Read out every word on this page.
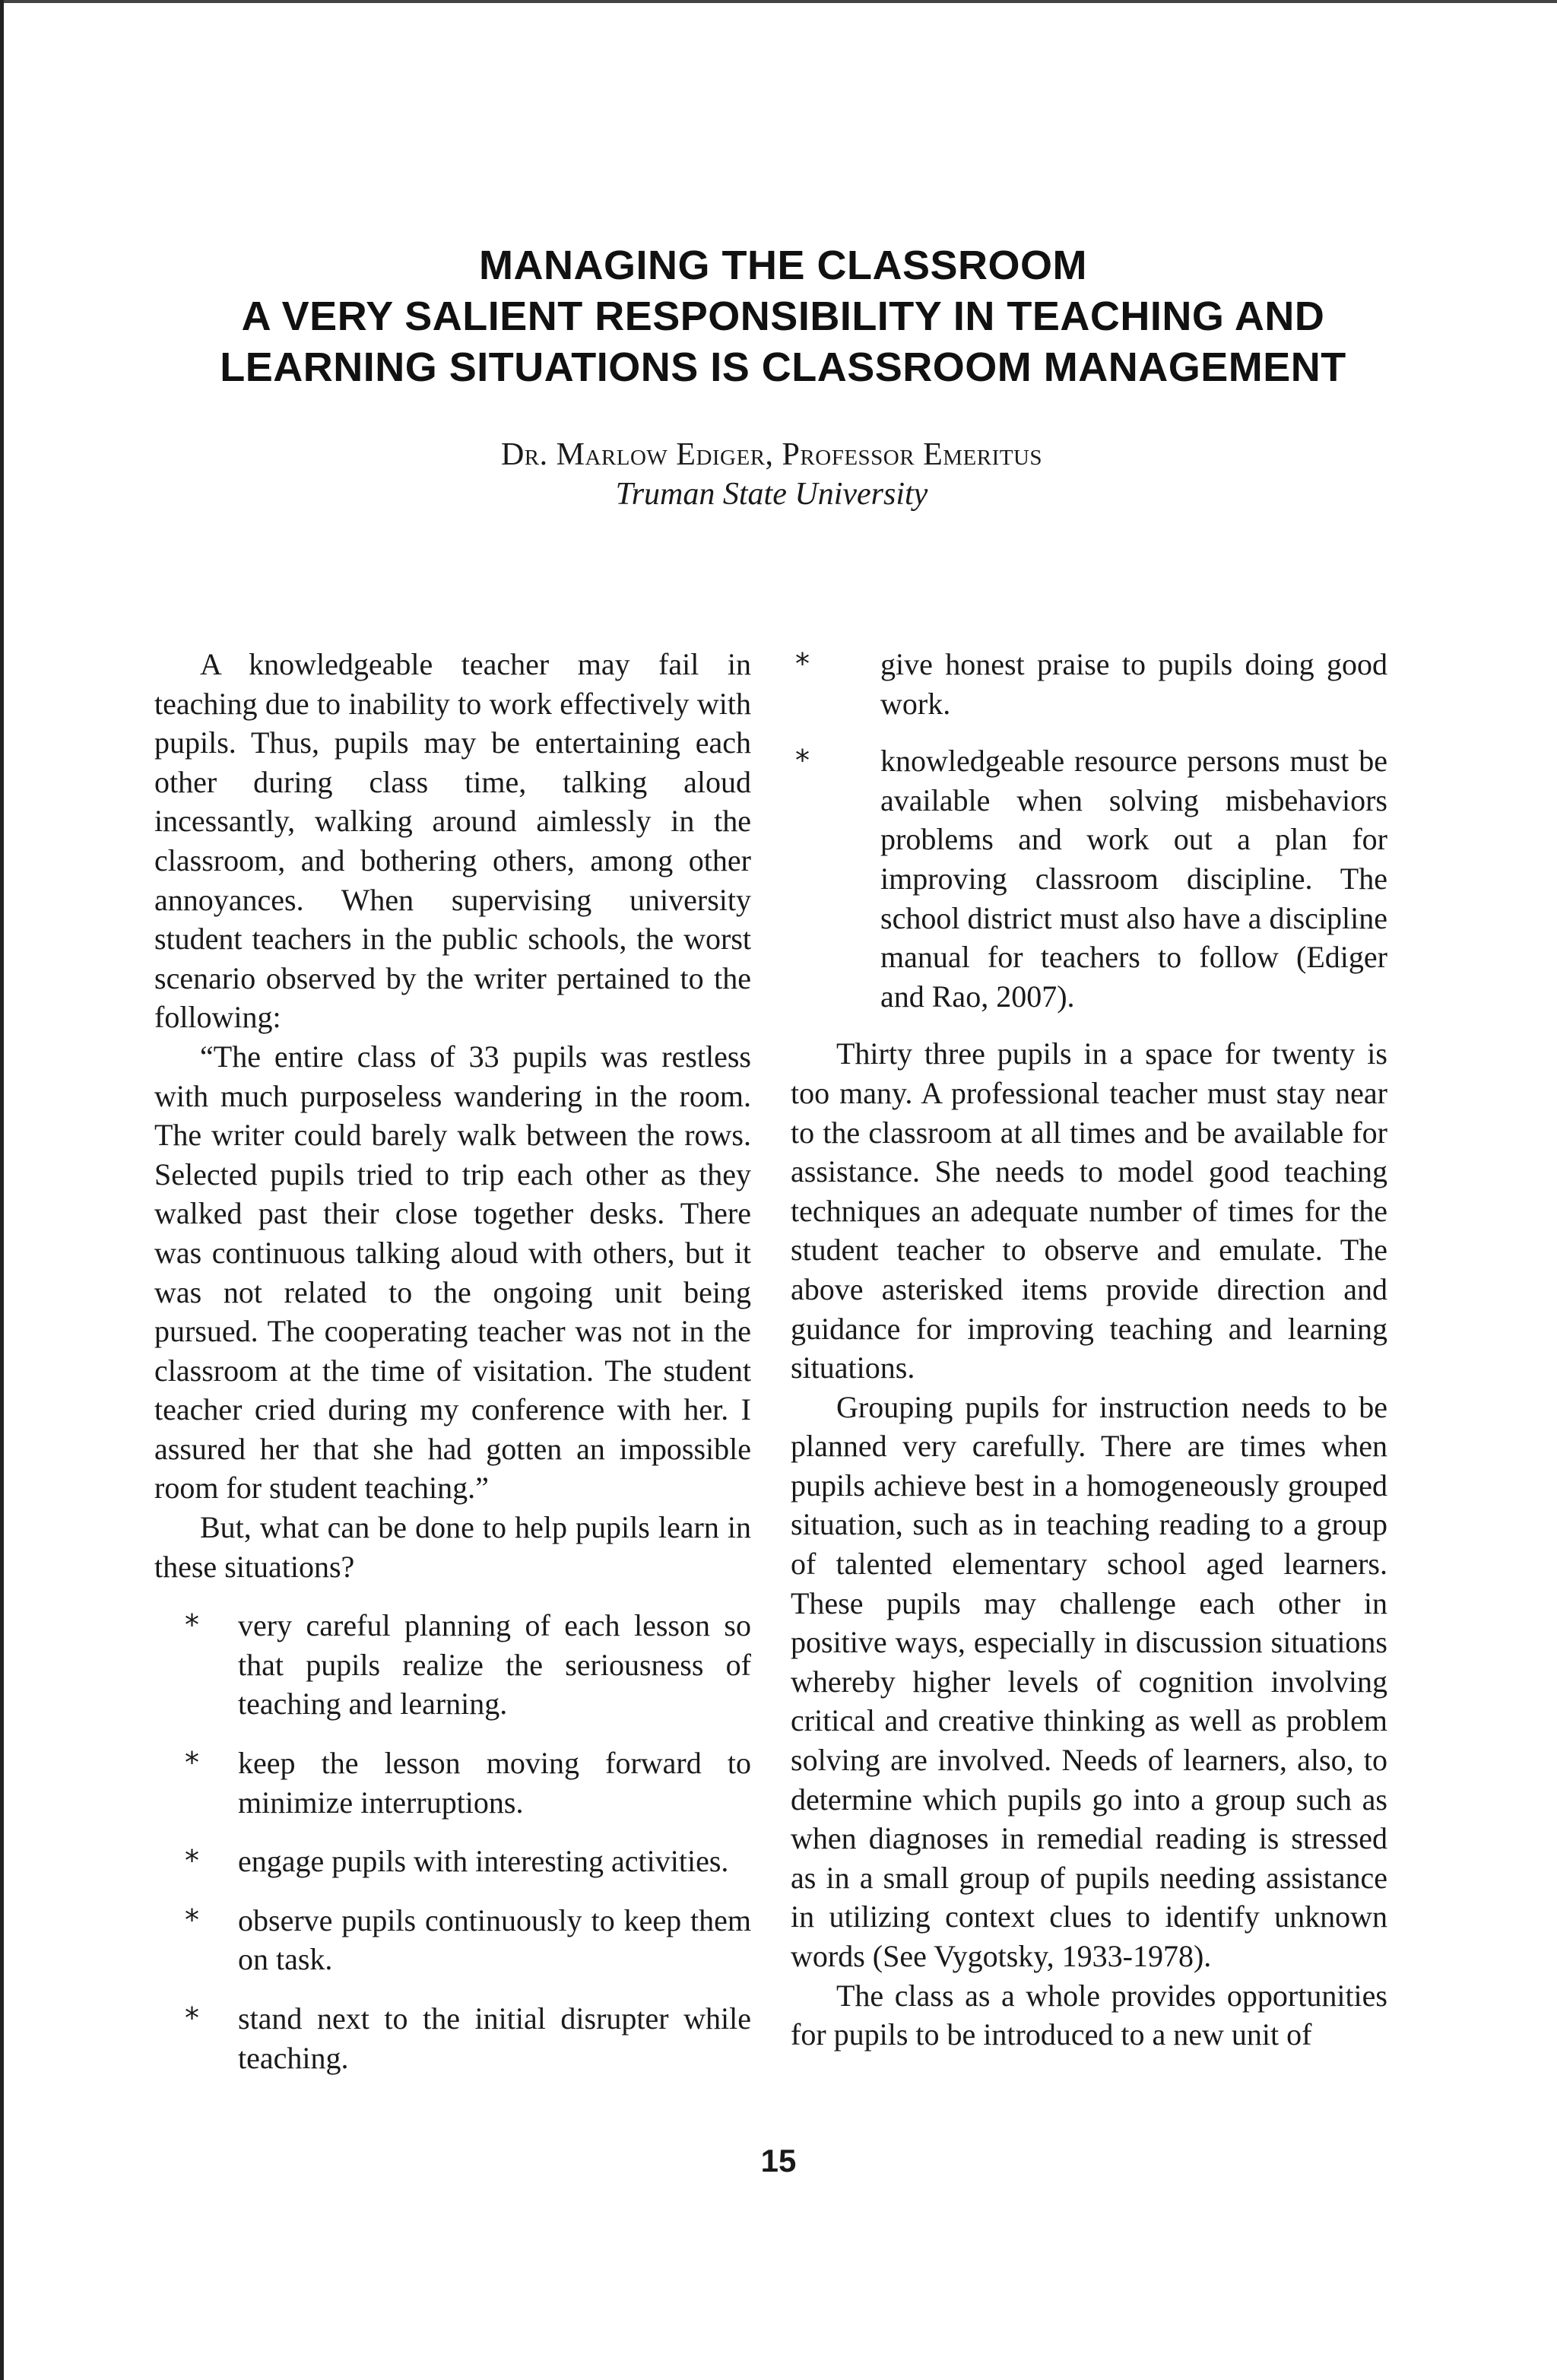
MANAGING THE CLASSROOM
A VERY SALIENT RESPONSIBILITY IN TEACHING AND
LEARNING SITUATIONS IS CLASSROOM MANAGEMENT
Dr. Marlow Ediger, Professor Emeritus
Truman State University

A knowledgeable teacher may fail in teaching due to inability to work effectively with pupils. Thus, pupils may be entertaining each other during class time, talking aloud incessantly, walking around aimlessly in the classroom, and bothering others, among other annoyances. When supervising university student teachers in the public schools, the worst scenario observed by the writer pertained to the following:

“The entire class of 33 pupils was restless with much purposeless wandering in the room. The writer could barely walk between the rows. Selected pupils tried to trip each other as they walked past their close together desks. There was continuous talking aloud with others, but it was not related to the ongoing unit being pursued. The cooperating teacher was not in the classroom at the time of visitation. The student teacher cried during my conference with her. I assured her that she had gotten an impossible room for student teaching.”

But, what can be done to help pupils learn in these situations?

* very careful planning of each lesson so that pupils realize the seriousness of teaching and learning.
* keep the lesson moving forward to minimize interruptions.
* engage pupils with interesting activities.
* observe pupils continuously to keep them on task.
* stand next to the initial disrupter while teaching.
* give honest praise to pupils doing good work.
* knowledgeable resource persons must be available when solving misbehaviors problems and work out a plan for improving classroom discipline. The school district must also have a discipline manual for teachers to follow (Ediger and Rao, 2007).

Thirty three pupils in a space for twenty is too many. A professional teacher must stay near to the classroom at all times and be available for assistance. She needs to model good teaching techniques an adequate number of times for the student teacher to observe and emulate. The above asterisked items provide direction and guidance for improving teaching and learning situations.

Grouping pupils for instruction needs to be planned very carefully. There are times when pupils achieve best in a homogeneously grouped situation, such as in teaching reading to a group of talented elementary school aged learners. These pupils may challenge each other in positive ways, especially in discussion situations whereby higher levels of cognition involving critical and creative thinking as well as problem solving are involved. Needs of learners, also, to determine which pupils go into a group such as when diagnoses in remedial reading is stressed as in a small group of pupils needing assistance in utilizing context clues to identify unknown words (See Vygotsky, 1933-1978).

The class as a whole provides opportunities for pupils to be introduced to a new unit of

15
